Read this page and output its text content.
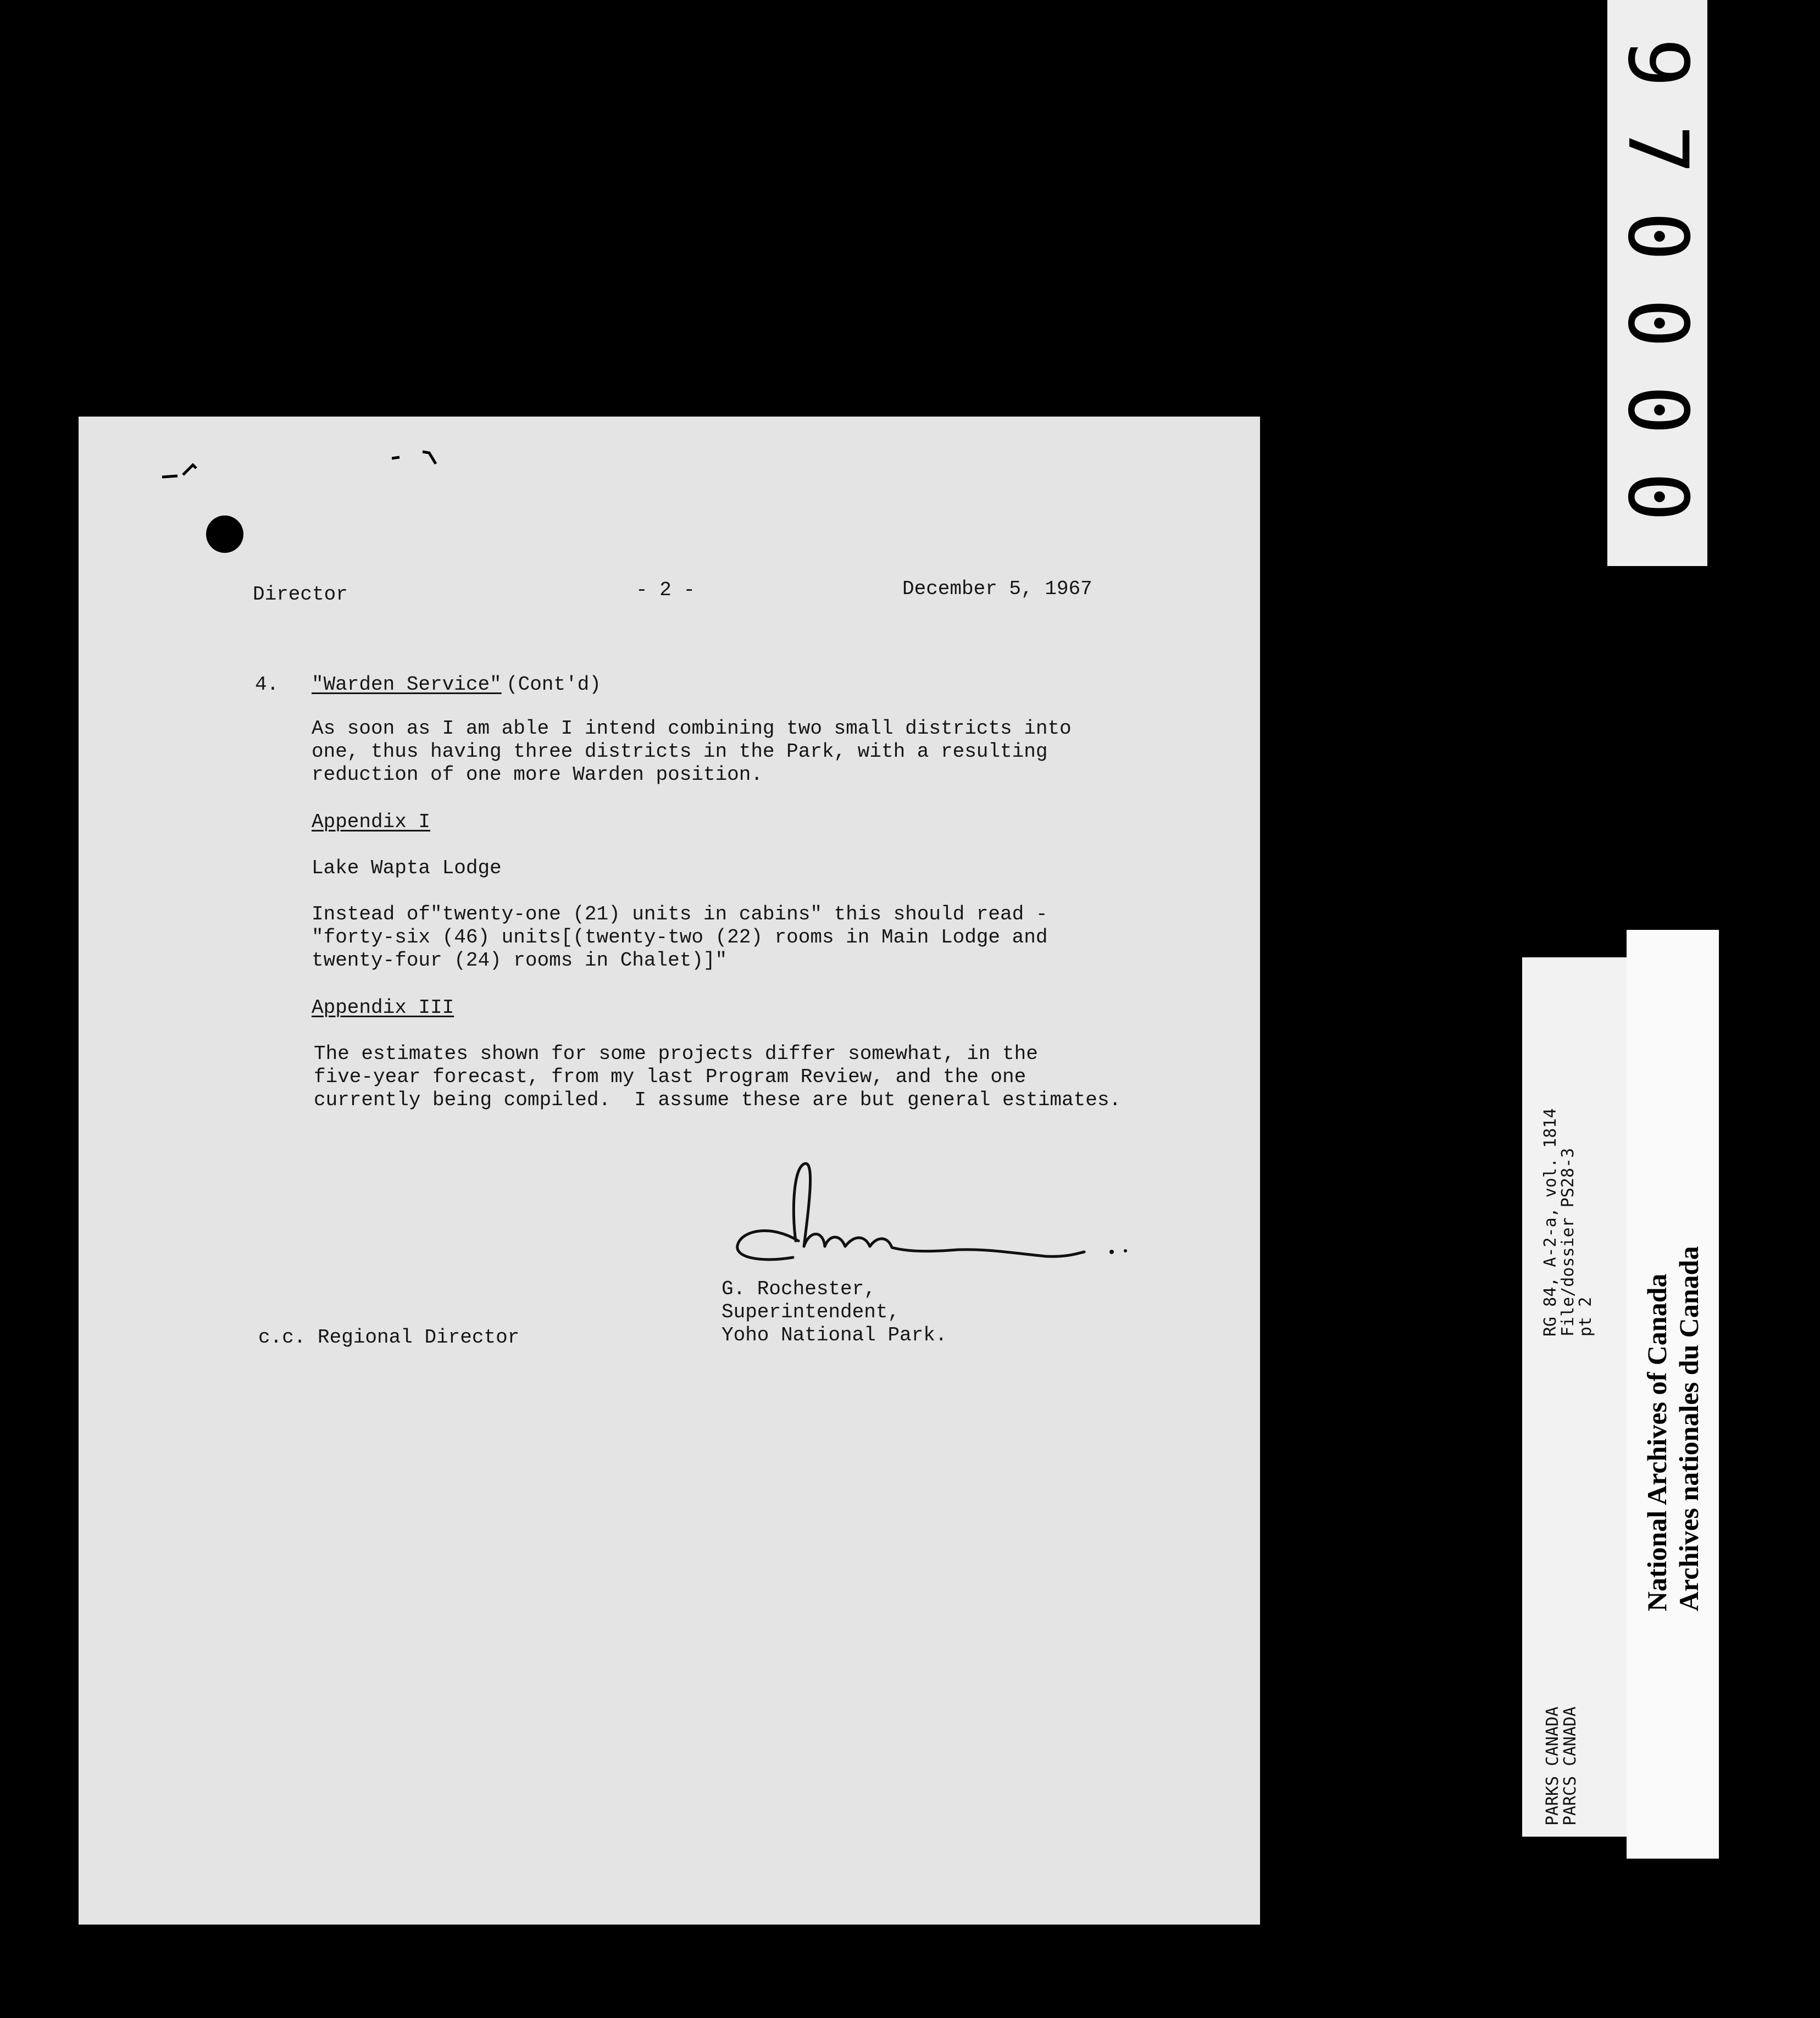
Director

	- 2 -

	December 5, 1967

4.

"Warden Service"

(Cont'd)

As soon as I am able I intend combining two small districts into

one, thus having three districts in the Park, with a resulting

reduction of one more Warden position.

Appendix I

Lake Wapta Lodge

Instead of"twenty-one (21) units in cabins" this should read -

"forty-six (46) units[(twenty-two (22) rooms in Main Lodge and

twenty-four (24) rooms in Chalet)]"

Appendix III

The estimates shown for some projects differ somewhat, in the

five-year forecast, from my last Program Review, and the one

currently being compiled.  I assume these are but general estimates.

G. Rochester,

Superintendent,

Yoho National Park.

c.c. Regional Director

9
7
0
0
0
0
RG 84, A-2-a, vol. 1814
File/dossier PS28-3
pt 2
PARKS CANADA
PARCS CANADA
National Archives of Canada Archives nationales du Canada
